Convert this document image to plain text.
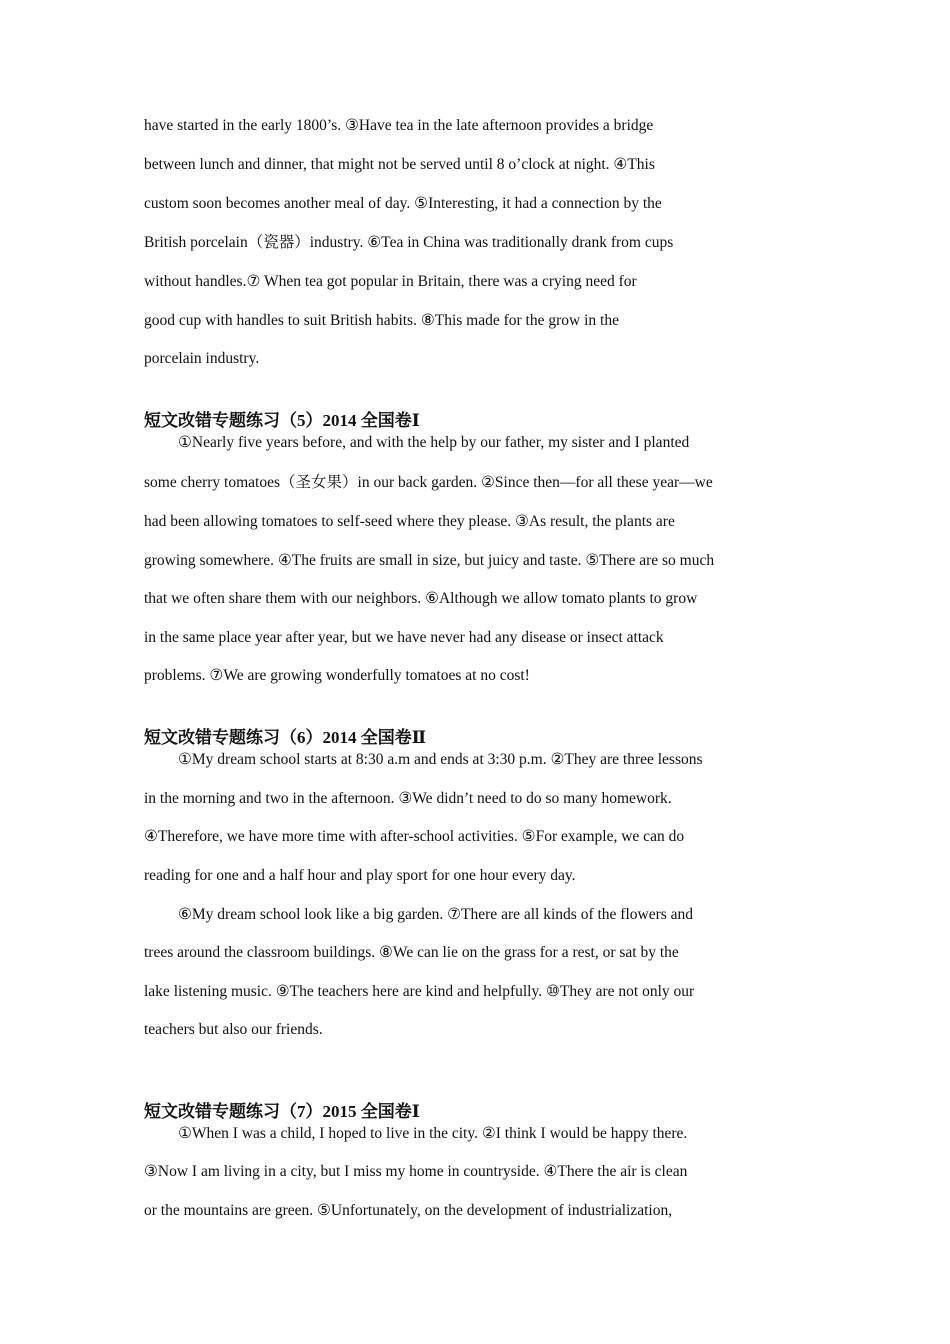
have started in the early 1800’s. ③Have tea in the late afternoon provides a bridge
between lunch and dinner, that might not be served until 8 o’clock at night. ④This
custom soon becomes another meal of day. ⑤Interesting, it had a connection by the
British porcelain（瓷器）industry. ⑥Tea in China was traditionally drank from cups
without handles.⑦ When tea got popular in Britain, there was a crying need for
good cup with handles to suit British habits. ⑧This made for the grow in the
porcelain industry.
短文改错专题练习（5）2014 全国卷Ⅰ
①Nearly five years before, and with the help by our father, my sister and I planted
some cherry tomatoes（圣女果）in our back garden. ②Since then—for all these year—we
had been allowing tomatoes to self-seed where they please. ③As result, the plants are
growing somewhere. ④The fruits are small in size, but juicy and taste. ⑤There are so much
that we often share them with our neighbors. ⑥Although we allow tomato plants to grow
in the same place year after year, but we have never had any disease or insect attack
problems. ⑦We are growing wonderfully tomatoes at no cost!
短文改错专题练习（6）2014 全国卷Ⅱ
①My dream school starts at 8:30 a.m and ends at 3:30 p.m. ②They are three lessons
in the morning and two in the afternoon. ③We didn’t need to do so many homework.
④Therefore, we have more time with after-school activities. ⑤For example, we can do
reading for one and a half hour and play sport for one hour every day.
⑥My dream school look like a big garden. ⑦There are all kinds of the flowers and
trees around the classroom buildings. ⑧We can lie on the grass for a rest, or sat by the
lake listening music. ⑨The teachers here are kind and helpfully. ⑩They are not only our
teachers but also our friends.
短文改错专题练习（7）2015 全国卷Ⅰ
①When I was a child, I hoped to live in the city. ②I think I would be happy there.
③Now I am living in a city, but I miss my home in countryside. ④There the air is clean
or the mountains are green. ⑤Unfortunately, on the development of industrialization,
